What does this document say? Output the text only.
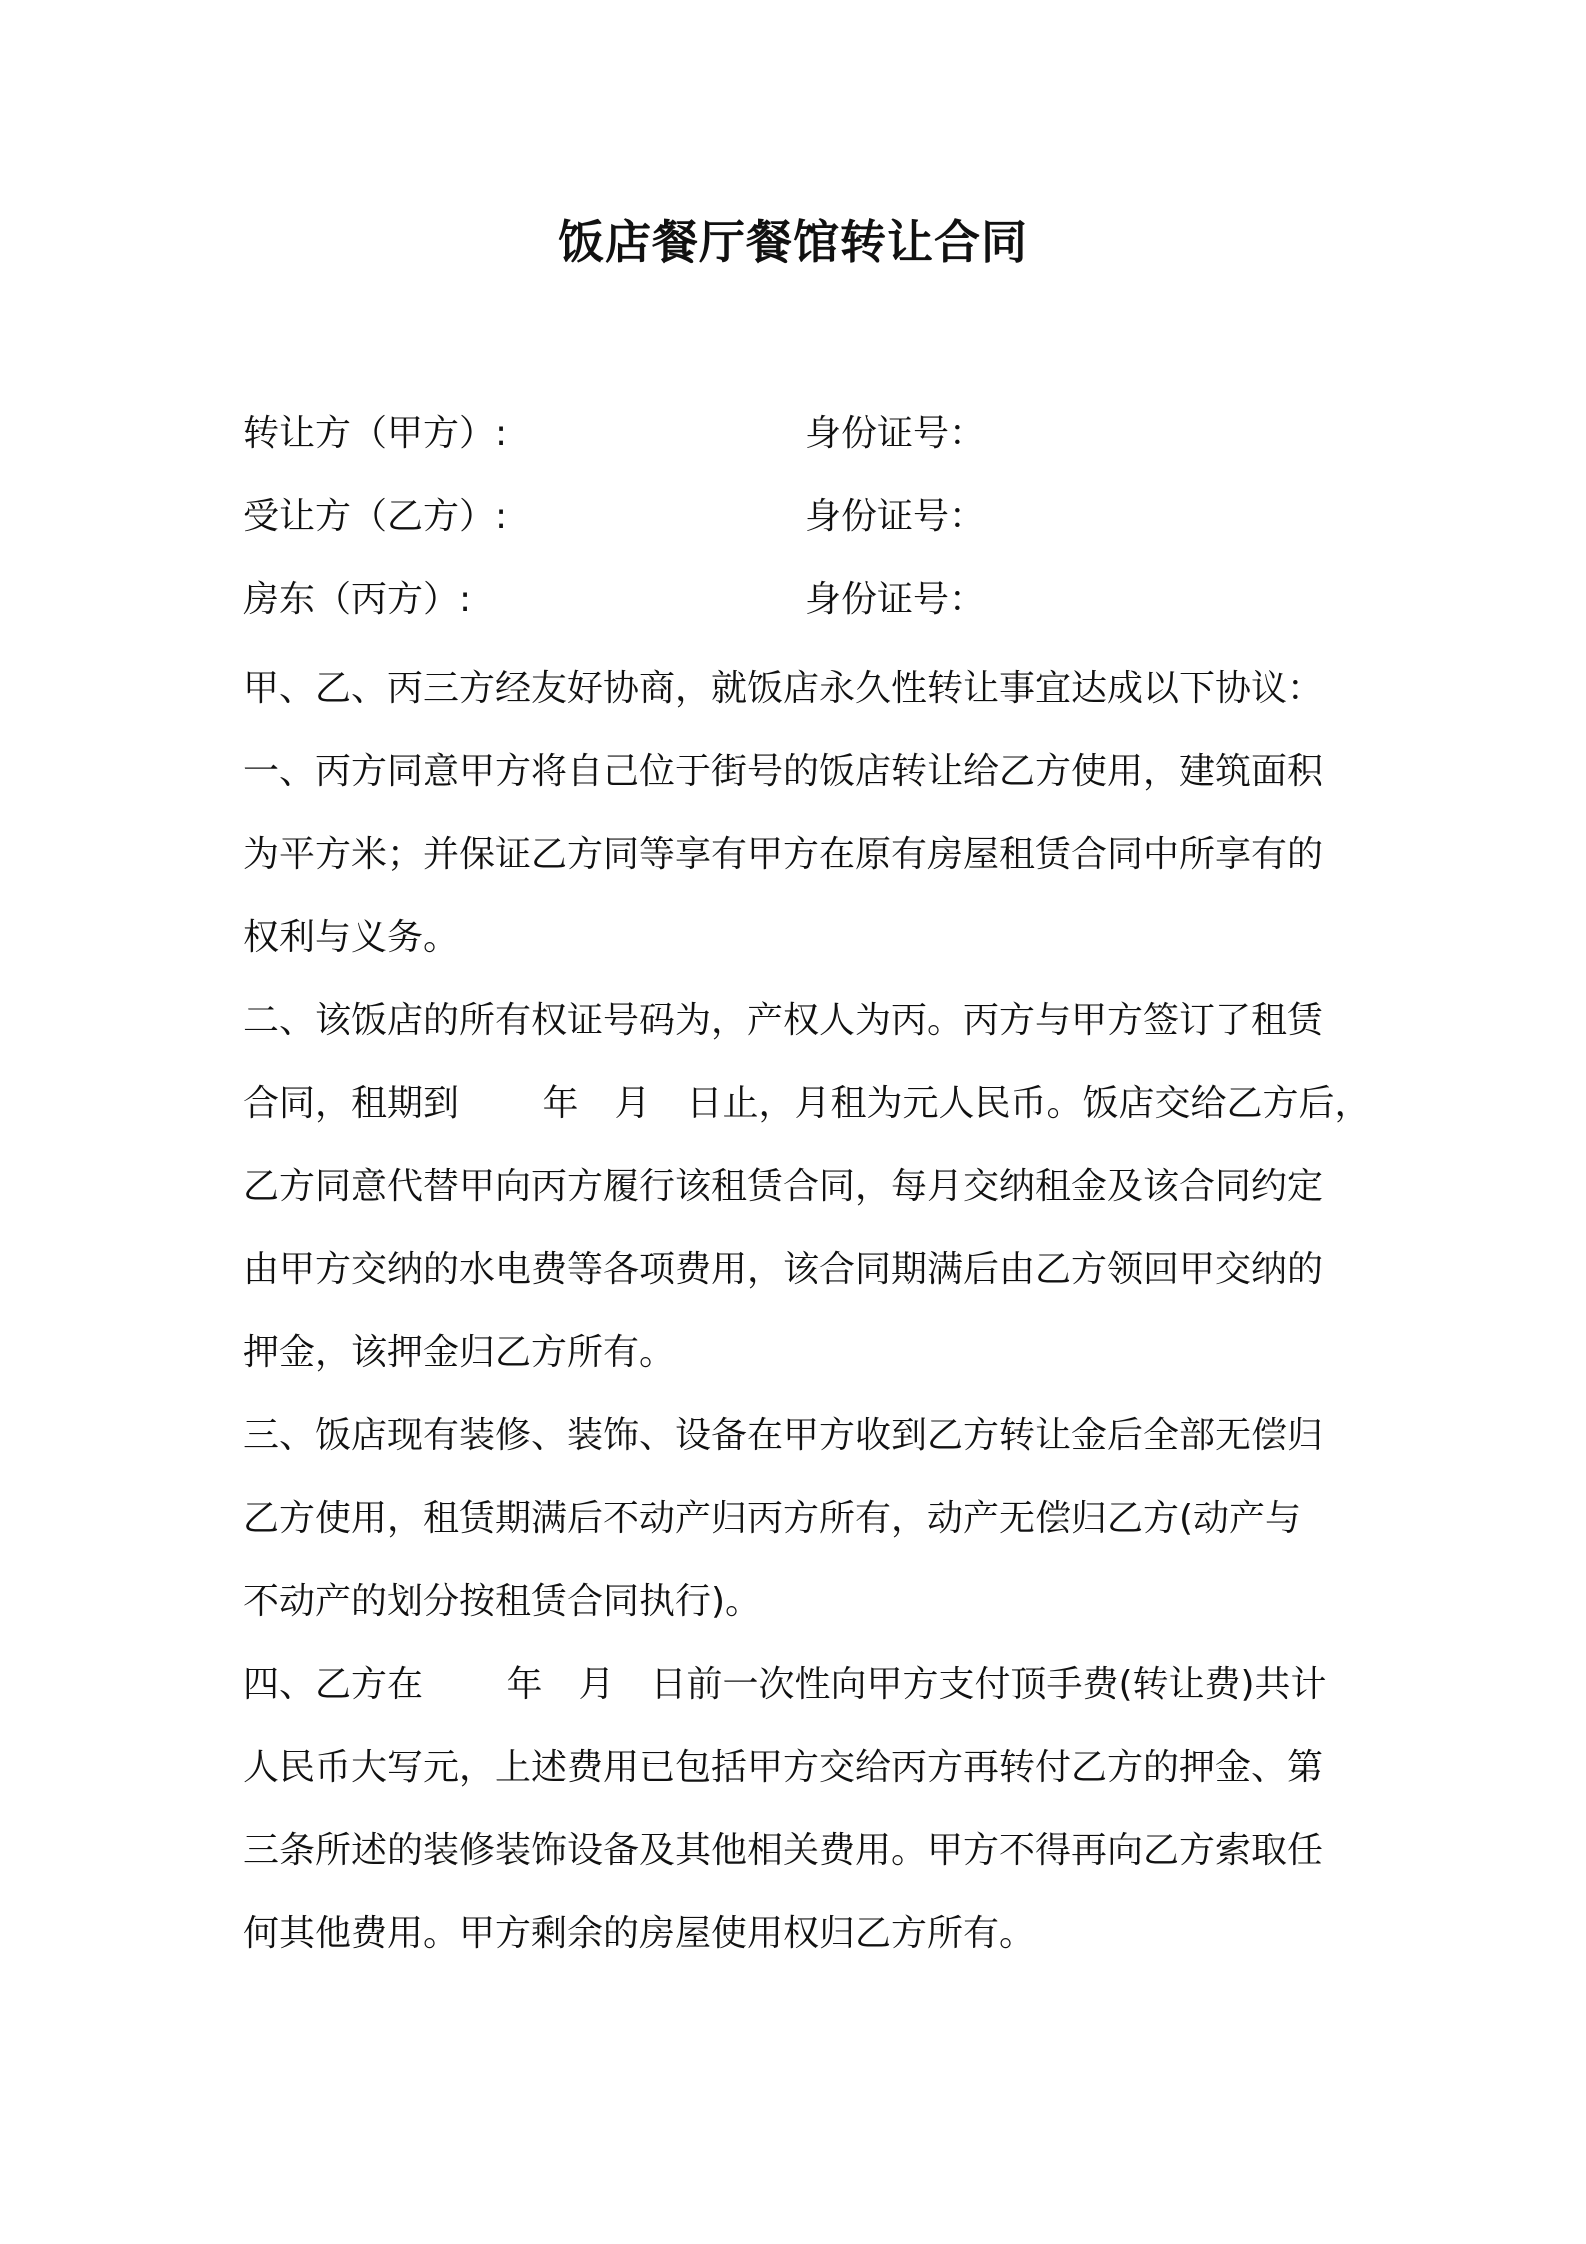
饭店餐厅餐馆转让合同
转让方（甲方）:	身份证号：
受让方（乙方）:	身份证号：
房东（丙方）:	身份证号：

甲、乙、丙三方经友好协商，就饭店永久性转让事宜达成以下协议：

一、丙方同意甲方将自己位于街号的饭店转让给乙方使用，建筑面积
为平方米；并保证乙方同等享有甲方在原有房屋租赁合同中所享有的
权利与义务。

二、该饭店的所有权证号码为，产权人为丙。丙方与甲方签订了租赁
合同，租期到　　 年　月　日止，月租为元人民币。饭店交给乙方后，
乙方同意代替甲向丙方履行该租赁合同，每月交纳租金及该合同约定
由甲方交纳的水电费等各项费用，该合同期满后由乙方领回甲交纳的
押金，该押金归乙方所有。

三、饭店现有装修、装饰、设备在甲方收到乙方转让金后全部无偿归
乙方使用，租赁期满后不动产归丙方所有，动产无偿归乙方(动产与
不动产的划分按租赁合同执行)。

四、乙方在　　 年　月　日前一次性向甲方支付顶手费(转让费)共计
人民币大写元，上述费用已包括甲方交给丙方再转付乙方的押金、第
三条所述的装修装饰设备及其他相关费用。甲方不得再向乙方索取任
何其他费用。甲方剩余的房屋使用权归乙方所有。
